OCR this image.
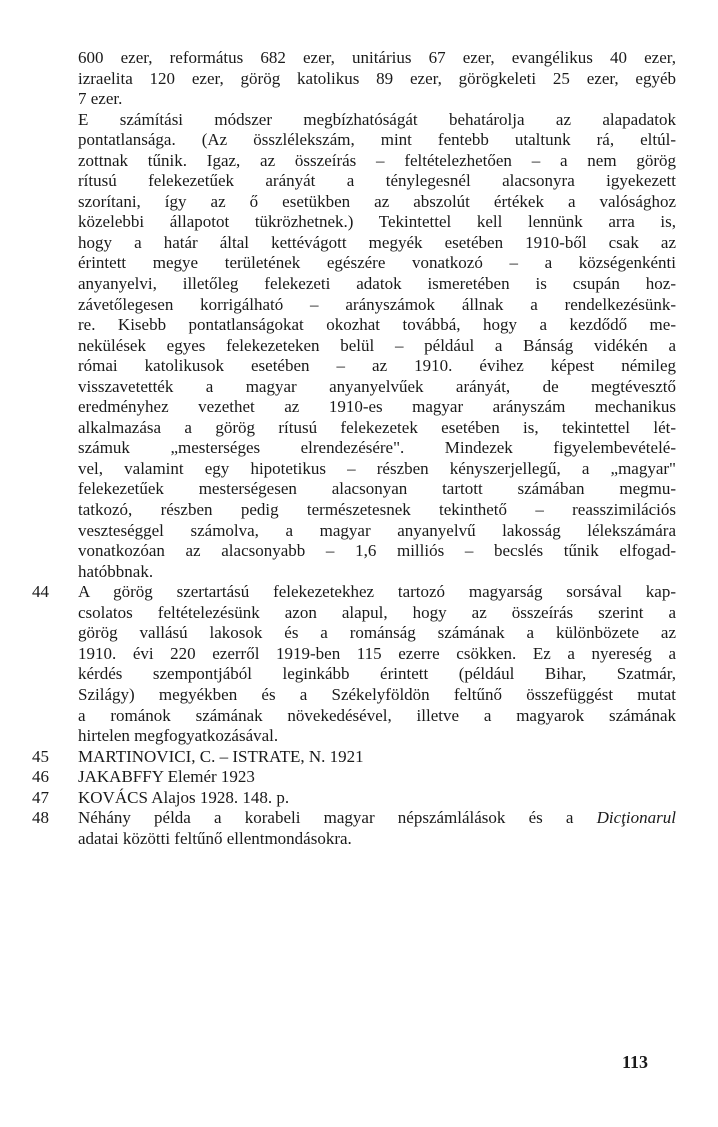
600 ezer, református 682 ezer, unitárius 67 ezer, evangélikus 40 ezer,
izraelita 120 ezer, görög katolikus 89 ezer, görögkeleti 25 ezer, egyéb
7 ezer.
E számítási módszer megbízhatóságát behatárolja az alapadatok
pontatlansága. (Az összlélekszám, mint fentebb utaltunk rá, eltúl-
zottnak tűnik. Igaz, az összeírás – feltételezhetően – a nem görög
rítusú felekezetűek arányát a ténylegesnél alacsonyra igyekezett
szorítani, így az ő esetükben az abszolút értékek a valósághoz
közelebbi állapotot tükrözhetnek.) Tekintettel kell lennünk arra is,
hogy a határ által kettévágott megyék esetében 1910-ből csak az
érintett megye területének egészére vonatkozó – a községenkénti
anyanyelvi, illetőleg felekezeti adatok ismeretében is csupán hoz-
závetőlegesen korrigálható – arányszámok állnak a rendelkezésünk-
re. Kisebb pontatlanságokat okozhat továbbá, hogy a kezdődő me-
nekülések egyes felekezeteken belül – például a Bánság vidékén a
római katolikusok esetében – az 1910. évihez képest némileg
visszavetették a magyar anyanyelvűek arányát, de megtévesztő
eredményhez vezethet az 1910-es magyar arányszám mechanikus
alkalmazása a görög rítusú felekezetek esetében is, tekintettel lét-
számuk „mesterséges elrendezésére". Mindezek figyelembevételé-
vel, valamint egy hipotetikus – részben kényszerjellegű, a „magyar"
felekezetűek mesterségesen alacsonyan tartott számában megmu-
tatkozó, részben pedig természetesnek tekinthető – reasszimilációs
veszteséggel számolva, a magyar anyanyelvű lakosság lélekszámára
vonatkozóan az alacsonyabb – 1,6 milliós – becslés tűnik elfogad-
hatóbbnak.
44 A görög szertartású felekezetekhez tartozó magyarság sorsával kap-
csolatos feltételezésünk azon alapul, hogy az összeírás szerint a
görög vallású lakosok és a románság számának a különbözete az
1910. évi 220 ezerről 1919-ben 115 ezerre csökken. Ez a nyereség a
kérdés szempontjából leginkább érintett (például Bihar, Szatmár,
Szilágy) megyékben és a Székelyföldön feltűnő összefüggést mutat
a románok számának növekedésével, illetve a magyarok számának
hirtelen megfogyatkozásával.
45 MARTINOVICI, C. – ISTRATE, N. 1921
46 JAKABFFY Elemér 1923
47 KOVÁCS Alajos 1928. 148. p.
48 Néhány példa a korabeli magyar népszámlálások és a Dicţionarul
adatai közötti feltűnő ellentmondásokra.
113
